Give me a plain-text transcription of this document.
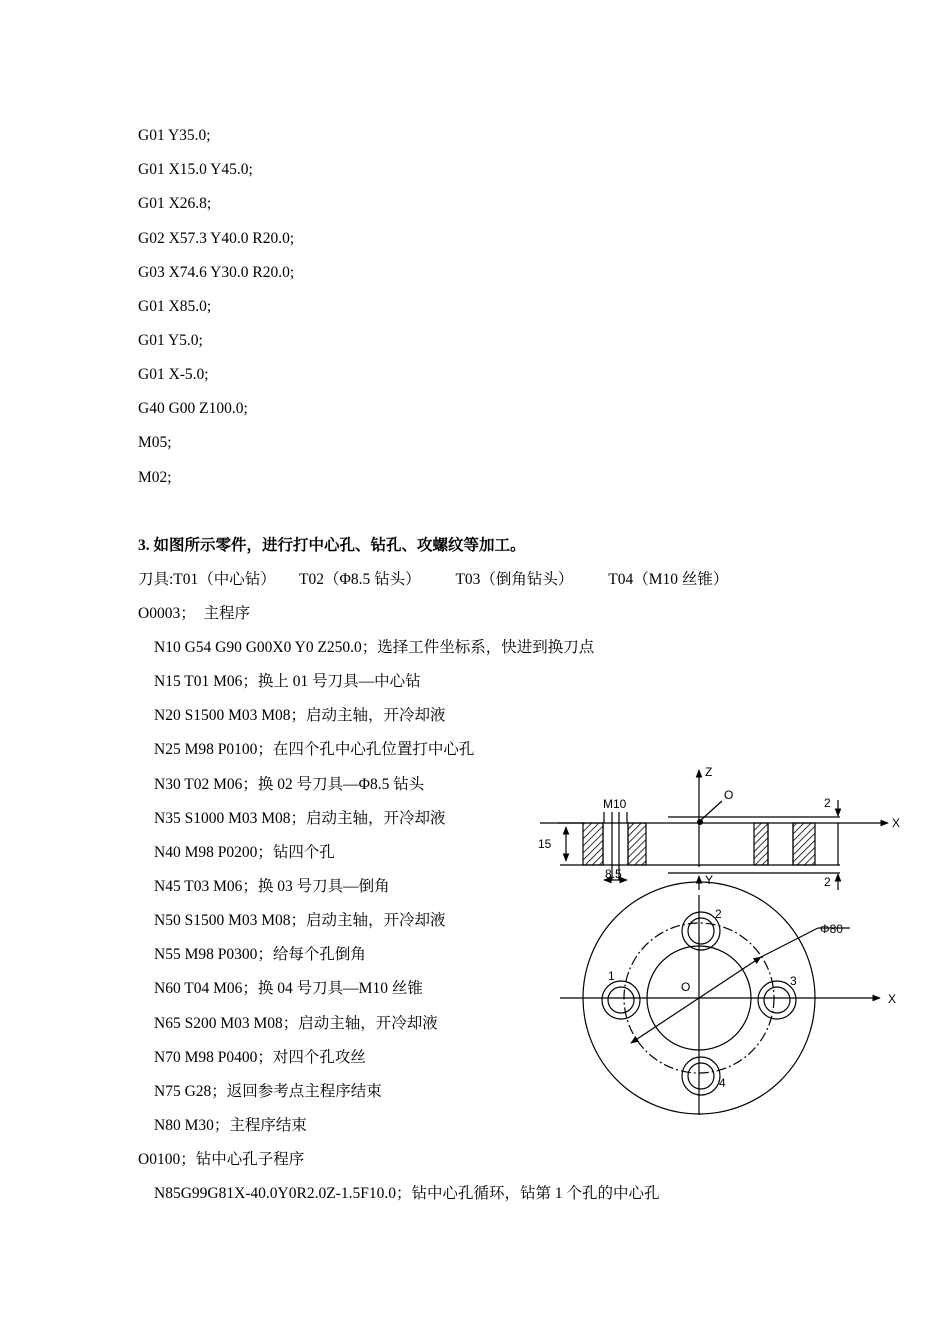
G01 Y35.0;
G01 X15.0 Y45.0;
G01 X26.8;
G02 X57.3 Y40.0 R20.0;
G03 X74.6 Y30.0 R20.0;
G01 X85.0;
G01 Y5.0;
G01 X-5.0;
G40 G00 Z100.0;
M05;
M02;
3. 如图所示零件，进行打中心孔、钻孔、攻螺纹等加工。
刀具:T01（中心钻）      T02（Φ8.5 钻头）         T03（倒角钻头）         T04（M10 丝锥）
O0003；  主程序
N10 G54 G90 G00X0 Y0 Z250.0；选择工件坐标系，快进到换刀点
N15 T01 M06；换上 01 号刀具—中心钻
N20 S1500 M03 M08；启动主轴，开冷却液
N25 M98 P0100；在四个孔中心孔位置打中心孔
N30 T02 M06；换 02 号刀具—Φ8.5 钻头
N35 S1000 M03 M08；启动主轴，开冷却液
N40 M98 P0200；钻四个孔
N45 T03 M06；换 03 号刀具—倒角
N50 S1500 M03 M08；启动主轴，开冷却液
N55 M98 P0300；给每个孔倒角
N60 T04 M06；换 04 号刀具—M10 丝锥
N65 S200 M03 M08；启动主轴，开冷却液
N70 M98 P0400；对四个孔攻丝
N75 G28；返回参考点主程序结束
N80 M30；主程序结束
O0100；钻中心孔子程序
N85G99G81X-40.0Y0R2.0Z-1.5F10.0；钻中心孔循环，钻第 1 个孔的中心孔
Z
X
Y
O
M10
15
8.5
2
2
X
O
Φ80
1
2
3
4
